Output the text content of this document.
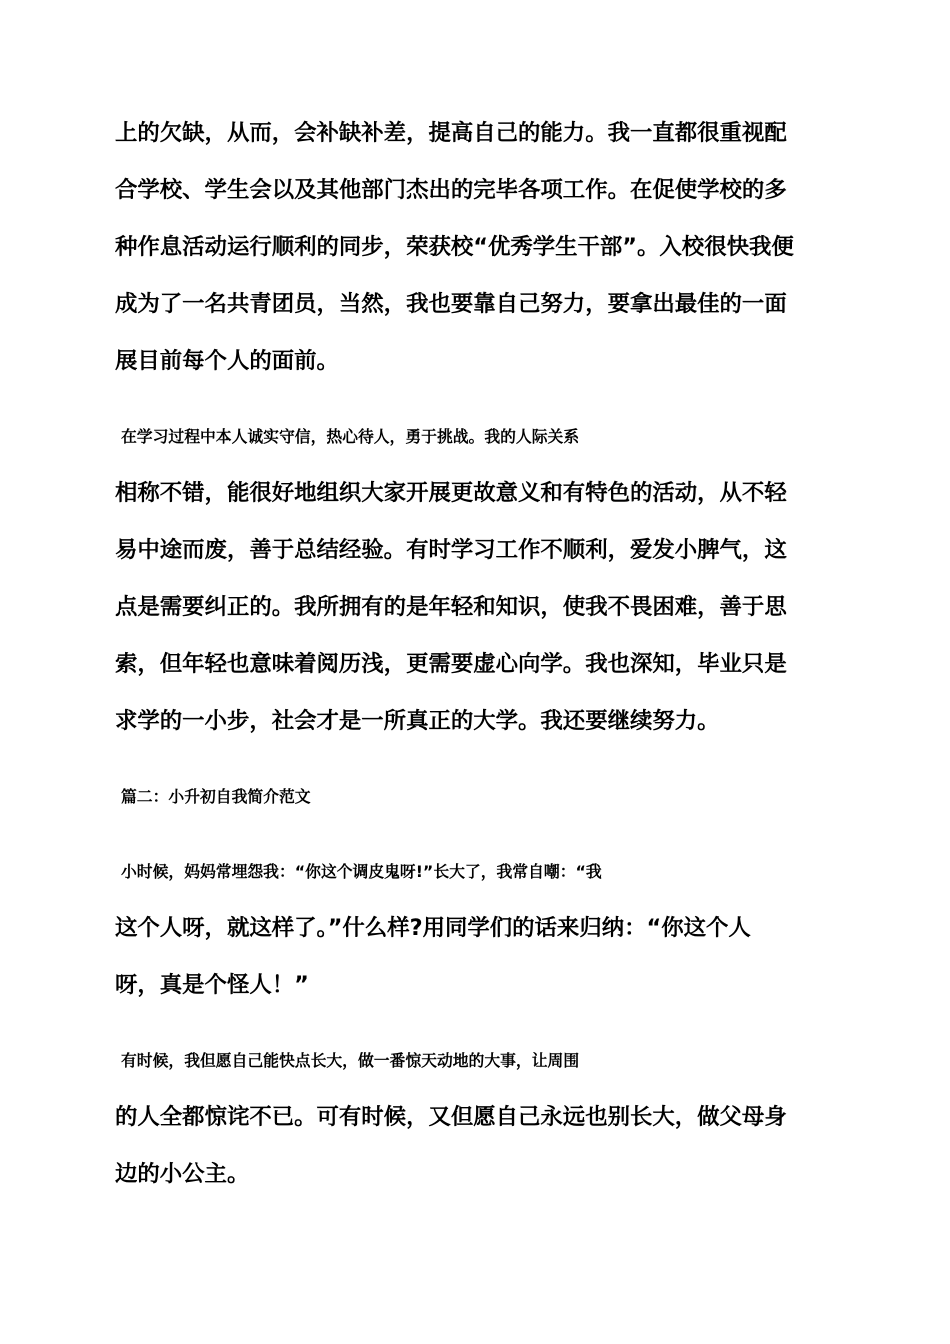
上的欠缺，从而，会补缺补差，提高自己的能力。我一直都很重视配
合学校、学生会以及其他部门杰出的完毕各项工作。在促使学校的多
种作息活动运行顺利的同步，荣获校“优秀学生干部”。入校很快我便
成为了一名共青团员，当然，我也要靠自己努力，要拿出最佳的一面
展目前每个人的面前。
在学习过程中本人诚实守信，热心待人，勇于挑战。我的人际关系
相称不错，能很好地组织大家开展更故意义和有特色的活动，从不轻
易中途而废，善于总结经验。有时学习工作不顺利，爱发小脾气，这
点是需要纠正的。我所拥有的是年轻和知识，使我不畏困难，善于思
索，但年轻也意味着阅历浅，更需要虚心向学。我也深知，毕业只是
求学的一小步，社会才是一所真正的大学。我还要继续努力。
篇二：小升初自我简介范文
小时候，妈妈常埋怨我：“你这个调皮鬼呀!”长大了，我常自嘲：“我
这个人呀，就这样了。”什么样?用同学们的话来归纳：“你这个人
呀，真是个怪人！”
有时候，我但愿自己能快点长大，做一番惊天动地的大事，让周围
的人全都惊诧不已。可有时候，又但愿自己永远也别长大，做父母身
边的小公主。
